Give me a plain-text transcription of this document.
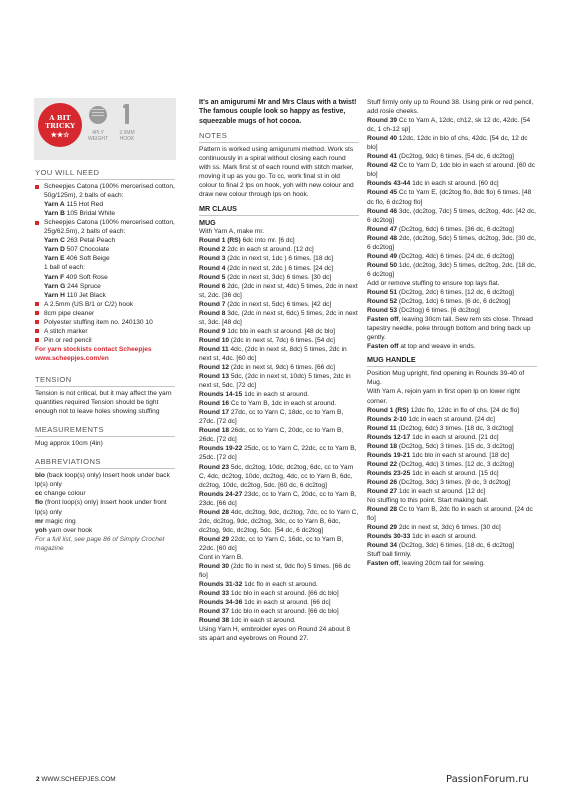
A BIT
TRICKY
★★☆	4PLY
WEIGHT
2.5MM
HOOK

YOU WILL NEED

Scheepjes Catona (100% mercerised cotton, 50g/125m), 2 balls of each:

Yarn A 115 Hot Red

Yarn B 105 Bridal White

Scheepjes Catona (100% mercerised cotton, 25g/62.5m), 2 balls of each:

Yarn C 263 Petal Peach

Yarn D 507 Chocolate

Yarn E 406 Soft Beige

1 ball of each:

Yarn F 409 Soft Rose

Yarn G 244 Spruce

Yarn H 110 Jet Black

A 2.5mm (US B/1 or C/2) hook
8cm pipe cleaner
Polyester stuffing item no. 240130 10
A stitch marker
Pin or red pencil

For yarn stockists contact Scheepjes

www.scheepjes.com/en

TENSION

Tension is not critical, but it may affect the yarn quantities required Tension should be tight enough not to leave holes showing stuffing

MEASUREMENTS

Mug approx 10cm (4in)

ABBREVIATIONS

blo (back loop(s) only) Insert hook under back lp(s) only

cc change colour

flo (front loop(s) only) Insert hook under front lp(s) only

mr magic ring

yoh yarn over hook

For a full list, see page 86 of Simply Crochet magazine

It's an amigurumi Mr and Mrs Claus with a twist! The famous couple look so happy as festive, squeezable mugs of hot cocoa.

NOTES

Pattern is worked using amigurumi method. Work sts continuously in a spiral without closing each round with ss. Mark first st of each round with stitch marker, moving it up as you go. To cc, work final st in old colour to final 2 lps on hook, yoh with new colour and draw new colour through lps on hook.

MR CLAUS

MUG

With Yarn A, make mr.

Round 1 (RS) 6dc into mr. [6 dc]

Round 2 2dc in each st around. [12 dc]

Round 3 (2dc in next st, 1dc ) 6 times. [18 dc]

Round 4 (2dc in next st, 2dc ) 6 times. [24 dc]

Round 5 (2dc in next st, 3dc) 6 times. [30 dc]

Round 6 2dc, (2dc in next st, 4dc) 5 times, 2dc in next st, 2dc. [36 dc]

Round 7 (2dc in next st, 5dc) 6 times. [42 dc]

Round 8 3dc, (2dc in next st, 6dc) 5 times, 2dc in next st, 3dc. [48 dc]

Round 9 1dc blo in each st around. [48 dc blo]

Round 10 (2dc in next st, 7dc) 6 times. [54 dc]

Round 11 4dc, (2dc in next st, 8dc) 5 times, 2dc in next st, 4dc. [60 dc]

Round 12 (2dc in next st, 9dc) 6 times. [66 dc]

Round 13 5dc, (2dc in next st, 10dc) 5 times, 2dc in next st, 5dc. [72 dc]

Rounds 14-15 1dc in each st around.

Round 16 Cc to Yarn B, 1dc in each st around.

Round 17 27dc, cc to Yarn C, 18dc, cc to Yarn B, 27dc. [72 dc]

Round 18 26dc, cc to Yarn C, 20dc, cc to Yarn B, 26dc. [72 dc]

Rounds 19-22 25dc, cc to Yarn C, 22dc, cc to Yarn B, 25dc. [72 dc]

Round 23 5dc, dc2tog, 10dc, dc2tog, 6dc, cc to Yarn C, 4dc, dc2tog, 10dc, dc2tog, 4dc, cc to Yarn B, 6dc, dc2tog, 10dc, dc2tog, 5dc. [60 dc, 6 dc2tog]

Rounds 24-27 23dc, cc to Yarn C, 20dc, cc to Yarn B, 23dc. [66 dc]

Round 28 4dc, dc2tog, 9dc, dc2tog, 7dc, cc to Yarn C, 2dc, dc2tog, 9dc, dc2tog, 3dc, cc to Yarn B, 6dc, dc2tog, 9dc, dc2tog, 5dc. [54 dc, 6 dc2tog]

Round 29 22dc, cc to Yarn C, 16dc, cc to Yarn B, 22dc. [60 dc]

Cont in Yarn B.

Round 30 (2dc flo in next st, 9dc flo) 5 times. [66 dc flo]

Rounds 31-32 1dc flo in each st around.

Round 33 1dc blo in each st around. [66 dc blo]

Rounds 34-36 1dc in each st around. [66 dc]

Round 37 1dc blo in each st around. [66 dc blo]

Round 38 1dc in each st around.

Using Yarn H, embroider eyes on Round 24 about 8 sts apart and eyebrows on Round 27.

Stuff firmly only up to Round 38. Using pink or red pencil, add rosie cheeks.

Round 39 Cc to Yarn A, 12dc, ch12, sk 12 dc, 42dc. [54 dc, 1 ch-12 sp]

Round 40 12dc, 12dc in blo of chs, 42dc. [54 dc, 12 dc blo]

Round 41 (Dc2tog, 9dc) 6 times. [54 dc, 6 dc2tog]

Round 42 Cc to Yarn D, 1dc blo in each st around. [60 dc blo]

Rounds 43-44 1dc in each st around. [60 dc]

Round 45 Cc to Yarn E, (dc2tog flo, 8dc flo) 6 times. [48 dc flo, 6 dc2tog flo]

Round 46 3dc, (dc2tog, 7dc) 5 times, dc2tog, 4dc. [42 dc, 6 dc2tog]

Round 47 (Dc2tog, 6dc) 6 times. [36 dc, 6 dc2tog]

Round 48 2dc, (dc2tog, 5dc) 5 times, dc2tog, 3dc. [30 dc, 6 dc2tog]

Round 49 (Dc2tog, 4dc) 6 times. [24 dc, 6 dc2tog]

Round 50 1dc, (dc2tog, 3dc) 5 times, dc2tog, 2dc. [18 dc, 6 dc2tog]

Add or remove stuffing to ensure top lays flat.

Round 51 (Dc2tog, 2dc) 6 times. [12 dc, 6 dc2tog]

Round 52 (Dc2tog, 1dc) 6 times. [6 dc, 6 dc2tog]

Round 53 (Dc2tog) 6 times. [6 dc2tog]

Fasten off, leaving 30cm tail. Sew rem sts close. Thread tapestry needle, poke through bottom and bring back up gently.

Fasten off at top and weave in ends.

MUG HANDLE

Position Mug upright, find opening in Rounds 39-40 of Mug.

With Yarn A, rejoin yarn in first open lp on lower right corner.

Round 1 (RS) 12dc flo, 12dc in flo of chs. [24 dc flo]

Rounds 2-10 1dc in each st around. [24 dc]

Round 11 (Dc2tog, 6dc) 3 times. [18 dc, 3 dc2tog]

Rounds 12-17 1dc in each st around. [21 dc]

Round 18 (Dc2tog, 5dc) 3 times. [15 dc, 3 dc2tog]

Rounds 19-21 1dc blo in each st around. [18 dc]

Round 22 (Dc2tog, 4dc) 3 times. [12 dc, 3 dc2tog]

Rounds 23-25 1dc in each st around. [15 dc]

Round 26 (Dc2tog, 3dc) 3 times. [9 dc, 3 dc2tog]

Round 27 1dc in each st around. [12 dc]

No stuffing to this point. Start making ball.

Round 28 Cc to Yarn B, 2dc flo in each st around. [24 dc flo]

Round 29 2dc in next st, 3dc) 6 times. [30 dc]

Rounds 30-33 1dc in each st around.

Round 34 (Dc2tog, 3dc) 6 times. [18 dc, 6 dc2tog]

Stuff ball firmly.

Fasten off, leaving 20cm tail for sewing.

2 WWW.SCHEEPJES.COM	PassionForum.ru
